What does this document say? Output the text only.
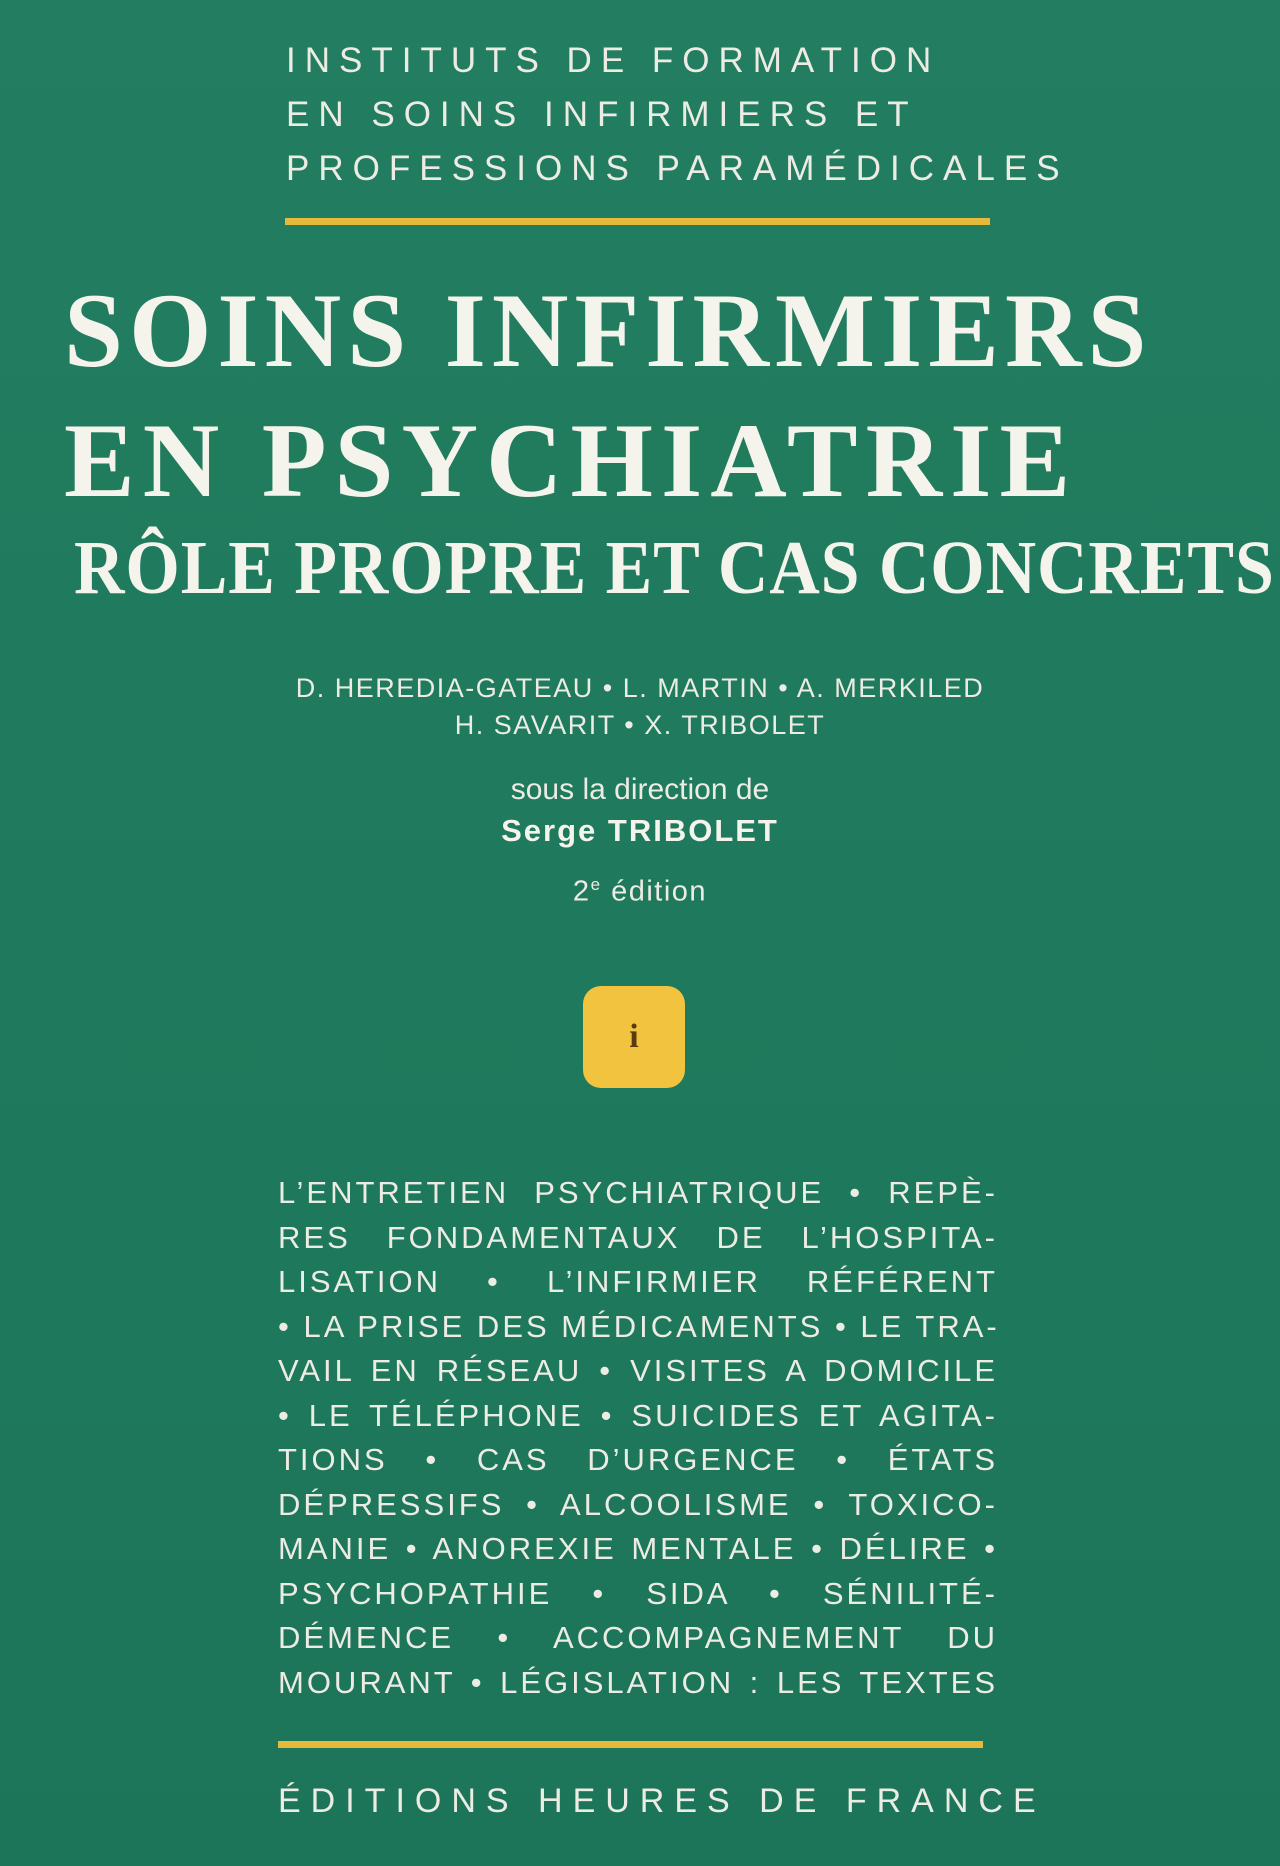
INSTITUTS DE FORMATION
EN SOINS INFIRMIERS ET
PROFESSIONS PARAMÉDICALES
SOINS INFIRMIERS
EN PSYCHIATRIE
RÔLE PROPRE ET CAS CONCRETS
D. HEREDIA-GATEAU • L. MARTIN • A. MERKILED
H. SAVARIT • X. TRIBOLET
sous la direction de
Serge TRIBOLET
2e édition
i
L’ENTRETIEN PSYCHIATRIQUE • REPÈ-
RES FONDAMENTAUX DE L’HOSPITA-
LISATION • L’INFIRMIER RÉFÉRENT
• LA PRISE DES MÉDICAMENTS • LE TRA-
VAIL EN RÉSEAU • VISITES A DOMICILE
• LE TÉLÉPHONE • SUICIDES ET AGITA-
TIONS • CAS D’URGENCE • ÉTATS
DÉPRESSIFS • ALCOOLISME • TOXICO-
MANIE • ANOREXIE MENTALE • DÉLIRE •
PSYCHOPATHIE • SIDA • SÉNILITÉ-
DÉMENCE • ACCOMPAGNEMENT DU
MOURANT • LÉGISLATION : LES TEXTES
ÉDITIONS HEURES DE FRANCE
